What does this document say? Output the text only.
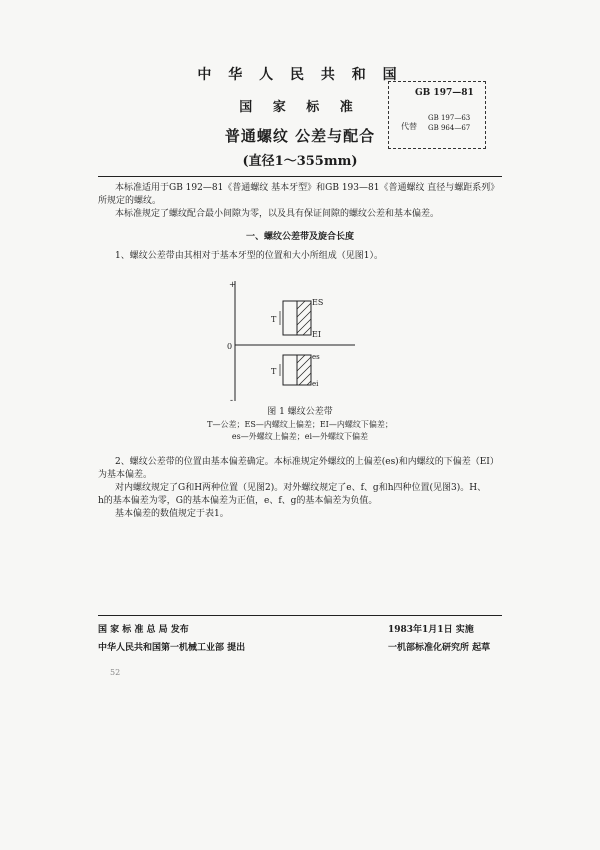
中 华 人 民 共 和 国
国 家 标 准
普通螺纹 公差与配合
(直径1～355mm)
GB 197—81
代替
GB 197—63
GB 964—67
本标准适用于GB 192—81《普通螺纹 基本牙型》和GB 193—81《普通螺纹 直径与螺距系列》
所规定的螺纹。
本标准规定了螺纹配合最小间隙为零，以及具有保证间隙的螺纹公差和基本偏差。
一、螺纹公差带及旋合长度
1、螺纹公差带由其相对于基本牙型的位置和大小所组成（见图1）。
+
0
-
T
ES
EI
T
es
ei
图 1 螺纹公差带
T—公差；ES—内螺纹上偏差；EI—内螺纹下偏差；
es—外螺纹上偏差；ei—外螺纹下偏差
2、螺纹公差带的位置由基本偏差确定。本标准规定外螺纹的上偏差(es)和内螺纹的下偏差（EI）
为基本偏差。
对内螺纹规定了G和H两种位置（见图2)。对外螺纹规定了e、f、g和h四种位置(见图3)。H、
h的基本偏差为零，G的基本偏差为正值，e、f、g的基本偏差为负值。
基本偏差的数值规定于表1。
国 家 标 准 总 局 发布
中华人民共和国第一机械工业部 提出
1983年1月1日 实施
一机部标准化研究所 起草
52
